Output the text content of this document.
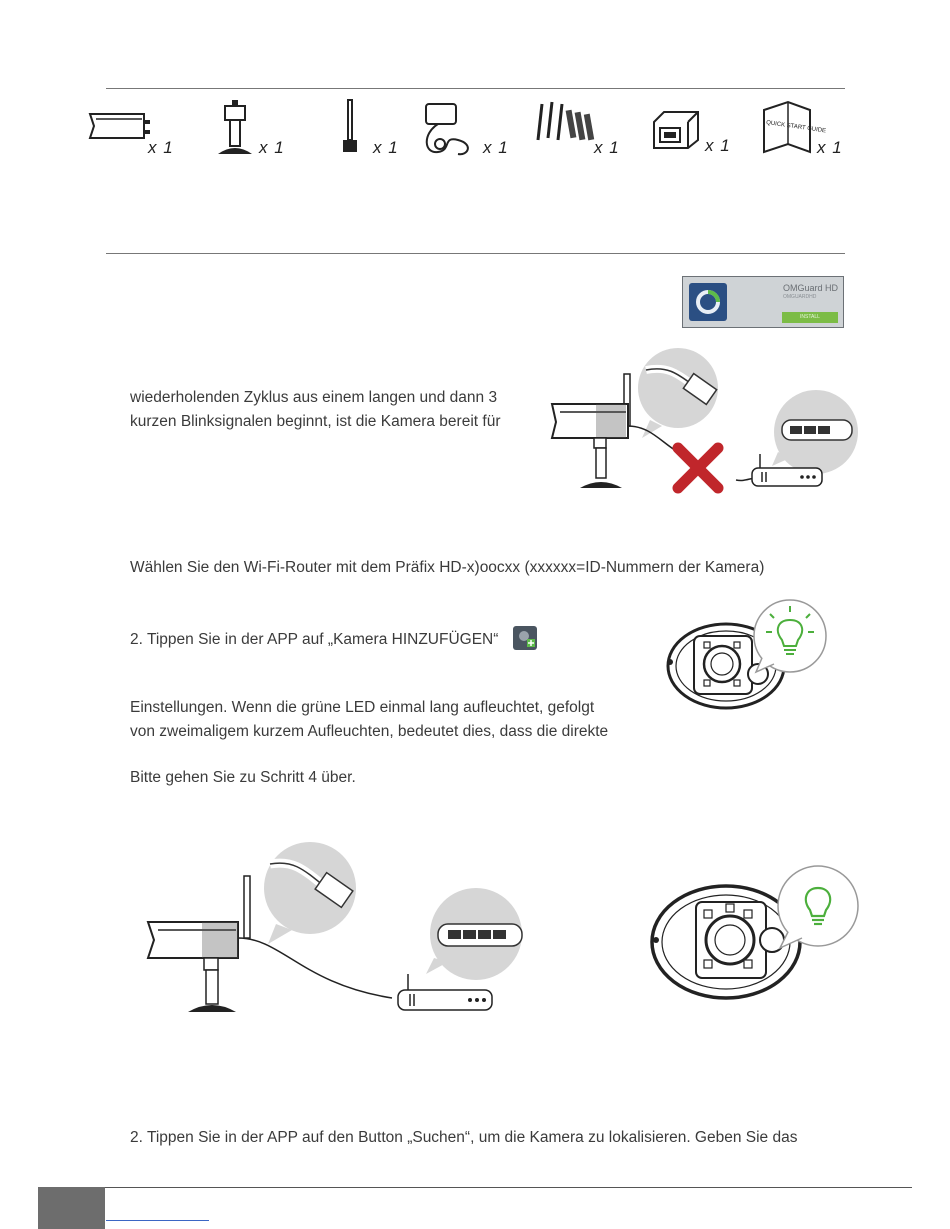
x 1	x 1	x 1	x 1	x 1	x 1
QUICK START GUIDE
x 1
OMGuard HD
OMGUARDHD
INSTALL
wiederholenden Zyklus aus einem langen und dann 3
kurzen Blinksignalen beginnt, ist die Kamera bereit für
Wählen Sie den Wi-Fi-Router mit dem Präfix HD-x)oocxx (xxxxxx=ID-Nummern der Kamera)
2. Tippen Sie in der APP auf „Kamera HINZUFÜGEN“
Einstellungen. Wenn die grüne LED einmal lang aufleuchtet, gefolgt
von zweimaligem kurzem Aufleuchten, bedeutet dies, dass die direkte
Bitte gehen Sie zu Schritt 4 über.
2. Tippen Sie in der APP auf den Button „Suchen“, um die Kamera zu lokalisieren. Geben Sie das
